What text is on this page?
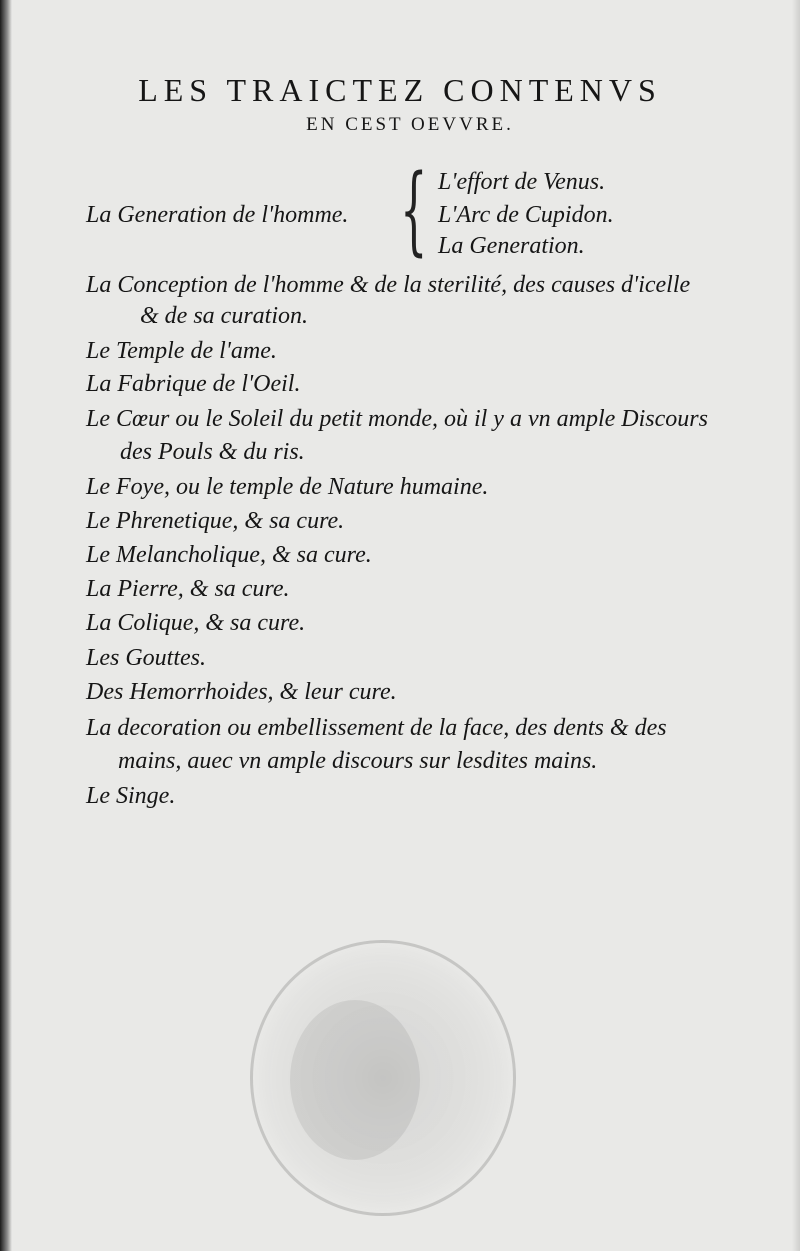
LES TRAICTEZ CONTENVS
EN CEST OEVVRE.
La Generation de l'homme. { L'effort de Venus.
L'Arc de Cupidon.
La Generation.
La Conception de l'homme & de la sterilité, des causes d'icelle
& de sa curation.
Le Temple de l'ame.
La Fabrique de l'Oeil.
Le Cœur ou le Soleil du petit monde, où il y a vn ample Discours
des Pouls & du ris.
Le Foye, ou le temple de Nature humaine.
Le Phrenetique, & sa cure.
Le Melancholique, & sa cure.
La Pierre, & sa cure.
La Colique, & sa cure.
Les Gouttes.
Des Hemorrhoides, & leur cure.
La decoration ou embellissement de la face, des dents & des
mains, auec vn ample discours sur lesdites mains.
Le Singe.
